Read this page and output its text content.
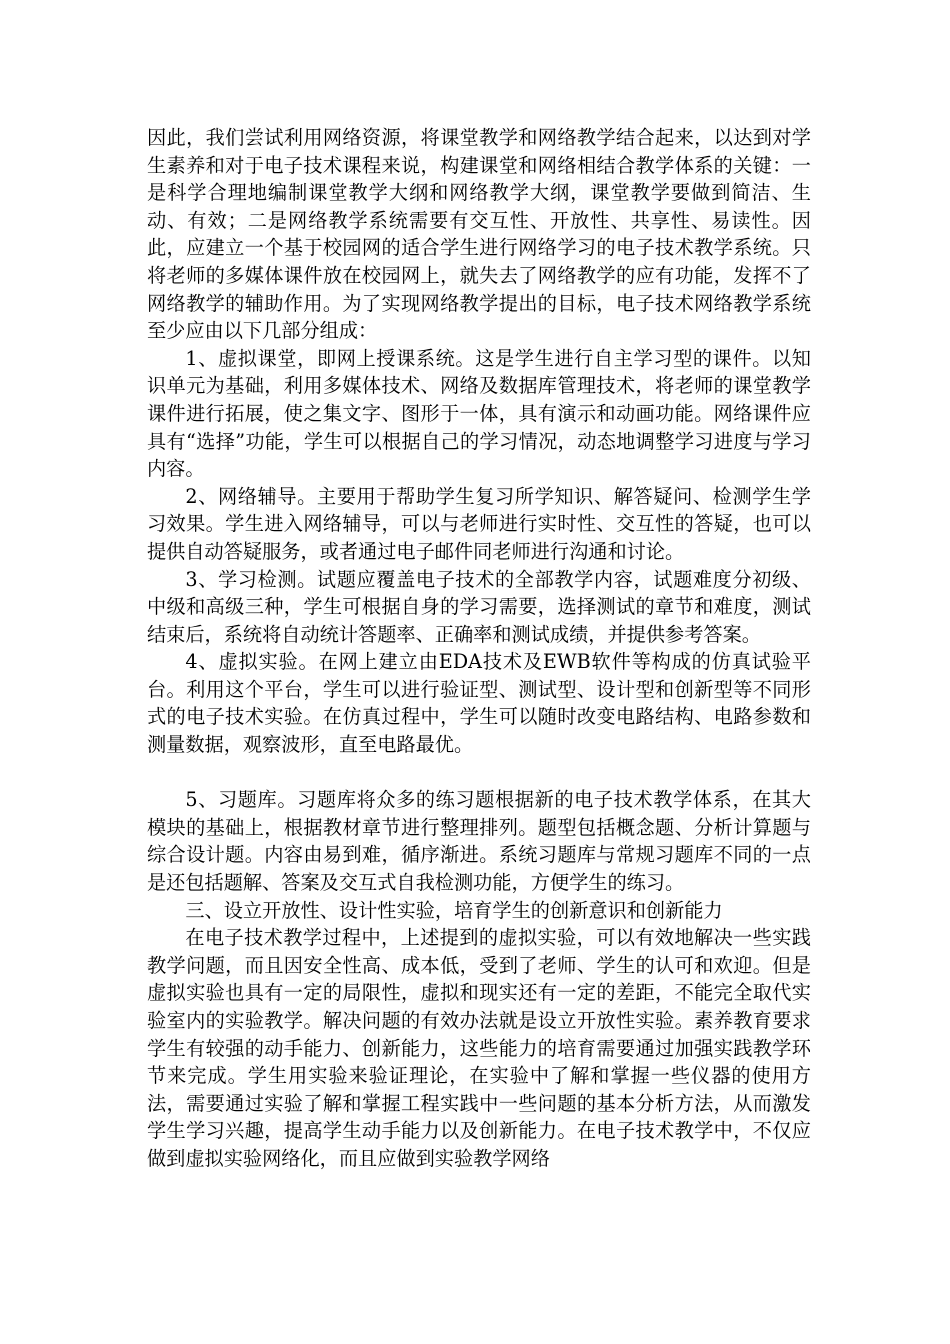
因此，我们尝试利用网络资源，将课堂教学和网络教学结合起来，以达到对学生素养和对于电子技术课程来说，构建课堂和网络相结合教学体系的关键：一是科学合理地编制课堂教学大纲和网络教学大纲，课堂教学要做到简洁、生动、有效；二是网络教学系统需要有交互性、开放性、共享性、易读性。因此，应建立一个基于校园网的适合学生进行网络学习的电子技术教学系统。只将老师的多媒体课件放在校园网上，就失去了网络教学的应有功能，发挥不了网络教学的辅助作用。为了实现网络教学提出的目标，电子技术网络教学系统至少应由以下几部分组成：

1、虚拟课堂，即网上授课系统。这是学生进行自主学习型的课件。以知识单元为基础，利用多媒体技术、网络及数据库管理技术，将老师的课堂教学课件进行拓展，使之集文字、图形于一体，具有演示和动画功能。网络课件应具有“选择”功能，学生可以根据自己的学习情况，动态地调整学习进度与学习内容。

2、网络辅导。主要用于帮助学生复习所学知识、解答疑问、检测学生学习效果。学生进入网络辅导，可以与老师进行实时性、交互性的答疑，也可以提供自动答疑服务，或者通过电子邮件同老师进行沟通和讨论。

3、学习检测。试题应覆盖电子技术的全部教学内容，试题难度分初级、中级和高级三种，学生可根据自身的学习需要，选择测试的章节和难度，测试结束后，系统将自动统计答题率、正确率和测试成绩，并提供参考答案。

4、虚拟实验。在网上建立由EDA技术及EWB软件等构成的仿真试验平台。利用这个平台，学生可以进行验证型、测试型、设计型和创新型等不同形式的电子技术实验。在仿真过程中，学生可以随时改变电路结构、电路参数和测量数据，观察波形，直至电路最优。

5、习题库。习题库将众多的练习题根据新的电子技术教学体系，在其大模块的基础上，根据教材章节进行整理排列。题型包括概念题、分析计算题与综合设计题。内容由易到难，循序渐进。系统习题库与常规习题库不同的一点是还包括题解、答案及交互式自我检测功能，方便学生的练习。

三、设立开放性、设计性实验，培育学生的创新意识和创新能力

在电子技术教学过程中，上述提到的虚拟实验，可以有效地解决一些实践教学问题，而且因安全性高、成本低，受到了老师、学生的认可和欢迎。但是虚拟实验也具有一定的局限性，虚拟和现实还有一定的差距，不能完全取代实验室内的实验教学。解决问题的有效办法就是设立开放性实验。素养教育要求学生有较强的动手能力、创新能力，这些能力的培育需要通过加强实践教学环节来完成。学生用实验来验证理论，在实验中了解和掌握一些仪器的使用方法，需要通过实验了解和掌握工程实践中一些问题的基本分析方法，从而激发学生学习兴趣，提高学生动手能力以及创新能力。在电子技术教学中，不仅应做到虚拟实验网络化，而且应做到实验教学网络
